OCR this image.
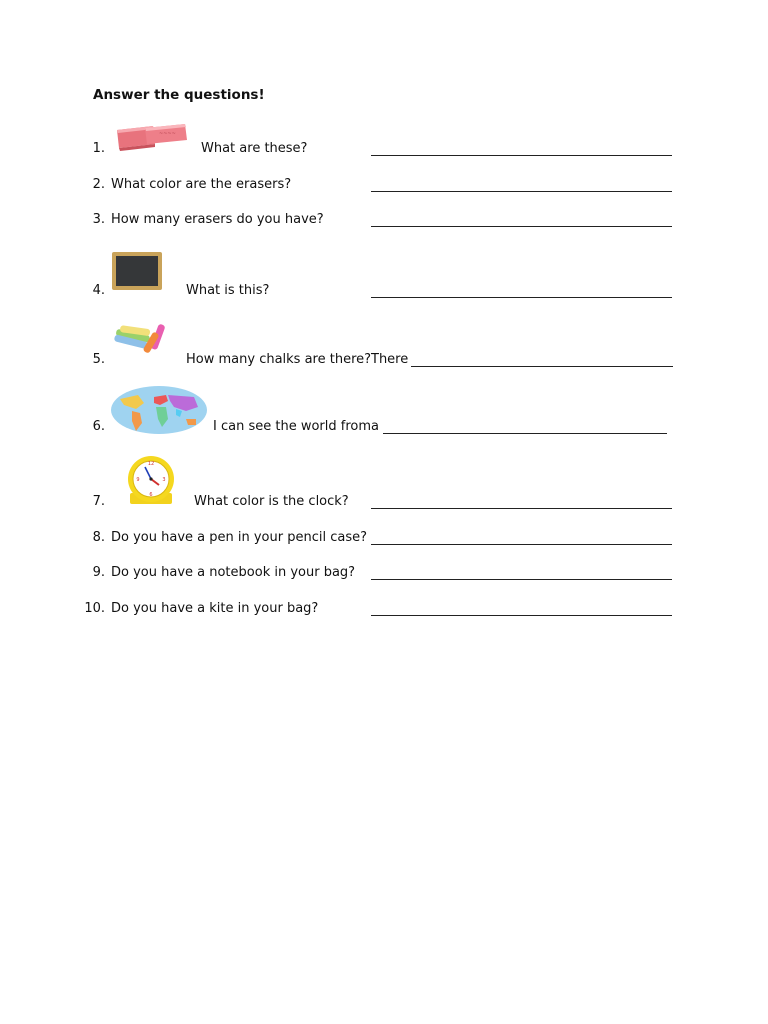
Answer the questions!
1.
~~~~
What are these?
2. What color are the erasers?
3. How many erasers do you have?
4.	What is this?
5.	How many chalks are there? There
6.	I can see the world from a
7.
12
3
6
9
What color is the clock?
8. Do you have a pen in your pencil case?
9. Do you have a notebook in your bag?
10. Do you have a kite in your bag?
